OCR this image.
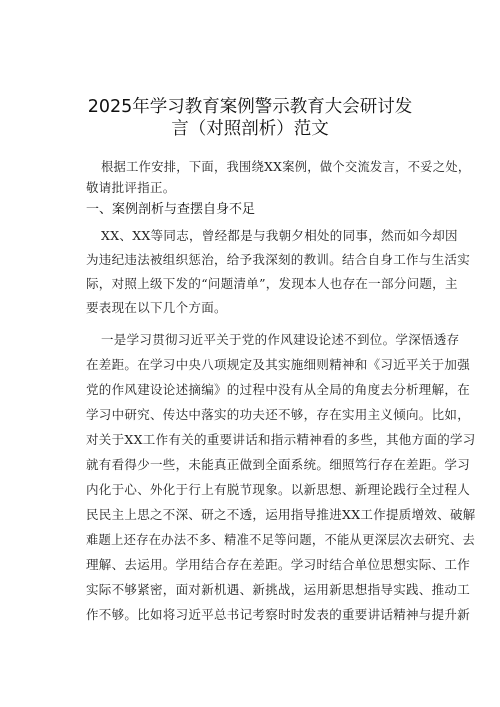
2025年学习教育案例警示教育大会研讨发
言（对照剖析）范文
根据工作安排，下面，我围绕XX案例，做个交流发言，不妥之处，
敬请批评指正。
一、案例剖析与查摆自身不足
XX、XX等同志，曾经都是与我朝夕相处的同事，然而如今却因
为违纪违法被组织惩治，给予我深刻的教训。结合自身工作与生活实
际，对照上级下发的“问题清单”，发现本人也存在一部分问题，主
要表现在以下几个方面。
一是学习贯彻习近平关于党的作风建设论述不到位。学深悟透存
在差距。在学习中央八项规定及其实施细则精神和《习近平关于加强
党的作风建设论述摘编》的过程中没有从全局的角度去分析理解，在
学习中研究、传达中落实的功夫还不够，存在实用主义倾向。比如，
对关于XX工作有关的重要讲话和指示精神看的多些，其他方面的学习
就有看得少一些，未能真正做到全面系统。细照笃行存在差距。学习
内化于心、外化于行上有脱节现象。以新思想、新理论践行全过程人
民民主上思之不深、研之不透，运用指导推进XX工作提质增效、破解
难题上还存在办法不多、精准不足等问题，不能从更深层次去研究、去
理解、去运用。学用结合存在差距。学习时结合单位思想实际、工作
实际不够紧密，面对新机遇、新挑战，运用新思想指导实践、推动工
作不够。比如将习近平总书记考察时时发表的重要讲话精神与提升新
